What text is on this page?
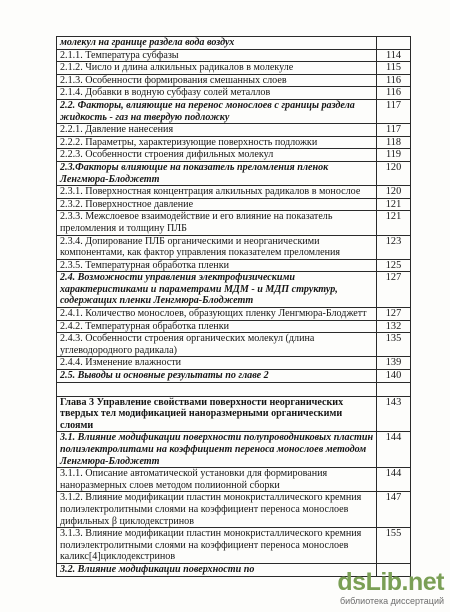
молекул на границе раздела вода воздух	
2.1.1. Температура субфазы	114
2.1.2. Число и длина алкильных радикалов в молекуле	115
2.1.3. Особенности формирования смешанных слоев	116
2.1.4. Добавки в водную субфазу солей металлов	116
2.2. Факторы, влияющие на перенос монослоев с границы раздела жидкость - газ на твердую подложку	117
2.2.1. Давление нанесения	117
2.2.2. Параметры, характеризующие поверхность подложки	118
2.2.3. Особенности строения дифильных молекул	119
2.3.Факторы влияющие на показатель преломления пленок Ленгмюра-Блоджетт	120
2.3.1. Поверхностная концентрация алкильных радикалов в монослое	120
2.3.2. Поверхностное давление	121
2.3.3. Межслоевое взаимодействие и его влияние на показатель преломления и толщину ПЛБ	121
2.3.4. Допирование ПЛБ органическими и неорганическими компонентами, как фактор управления показателем преломления	123
2.3.5. Температурная обработка пленки	125
2.4. Возможности управления электрофизическими характеристиками и параметрами МДМ - и МДП структур, содержащих пленки Ленгмюра-Блоджетт	127
2.4.1. Количество монослоев, образующих пленку Ленгмюра-Блоджетт	127
2.4.2. Температурная обработка пленки	132
2.4.3. Особенности строения органических молекул (длина углеводородного радикала)	135
2.4.4. Изменение влажности	139
2.5. Выводы и основные результаты по главе 2	140

Глава 3 Управление свойствами поверхности неорганических твердых тел модификацией наноразмерными органическими слоями	143
3.1. Влияние модификации поверхности полупроводниковых пластин полиэлектролитами на коэффициент переноса монослоев методом Ленгмюра-Блоджетт	144
3.1.1. Описание автоматической установки для формирования наноразмерных слоев методом полиионной сборки	144
3.1.2. Влияние модификации пластин монокристаллического кремния полиэлектролитными слоями на коэффициент переноса монослоев дифильных β циклодекстринов	147
3.1.3. Влияние модификации пластин монокристаллического кремния полиэлектролитными слоями на коэффициент переноса монослоев каликс[4]циклодекстринов	155
3.2. Влияние модификации поверхности по		dsLib.net
библиотека диссертаций
